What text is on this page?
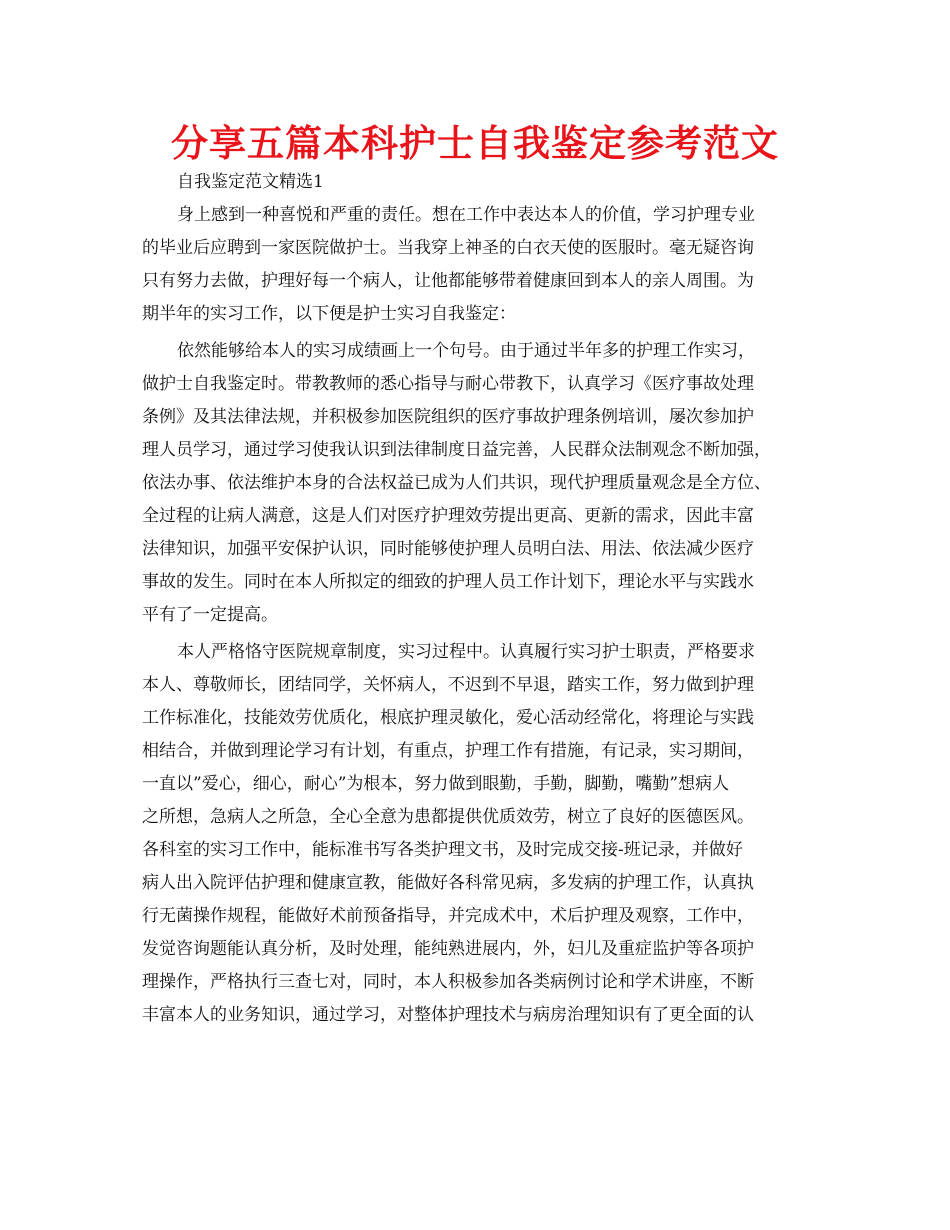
分享五篇本科护士自我鉴定参考范文
自我鉴定范文精选1

身上感到一种喜悦和严重的责任。想在工作中表达本人的价值，学习护理专业
的毕业后应聘到一家医院做护士。当我穿上神圣的白衣天使的医服时。毫无疑咨询
只有努力去做，护理好每一个病人，让他都能够带着健康回到本人的亲人周围。为
期半年的实习工作，以下便是护士实习自我鉴定：

依然能够给本人的实习成绩画上一个句号。由于通过半年多的护理工作实习，
做护士自我鉴定时。带教教师的悉心指导与耐心带教下，认真学习《医疗事故处理
条例》及其法律法规，并积极参加医院组织的医疗事故护理条例培训，屡次参加护
理人员学习，通过学习使我认识到法律制度日益完善，人民群众法制观念不断加强，
依法办事、依法维护本身的合法权益已成为人们共识，现代护理质量观念是全方位、
全过程的让病人满意，这是人们对医疗护理效劳提出更高、更新的需求，因此丰富
法律知识，加强平安保护认识，同时能够使护理人员明白法、用法、依法减少医疗
事故的发生。同时在本人所拟定的细致的护理人员工作计划下，理论水平与实践水
平有了一定提高。

本人严格恪守医院规章制度，实习过程中。认真履行实习护士职责，严格要求
本人、尊敬师长，团结同学，关怀病人，不迟到不早退，踏实工作，努力做到护理
工作标准化，技能效劳优质化，根底护理灵敏化，爱心活动经常化，将理论与实践
相结合，并做到理论学习有计划，有重点，护理工作有措施，有记录，实习期间，
一直以”爱心，细心，耐心”为根本，努力做到眼勤，手勤，脚勤，嘴勤”想病人
之所想，急病人之所急，全心全意为患都提供优质效劳，树立了良好的医德医风。
各科室的实习工作中，能标准书写各类护理文书，及时完成交接-班记录，并做好
病人出入院评估护理和健康宣教，能做好各科常见病，多发病的护理工作，认真执
行无菌操作规程，能做好术前预备指导，并完成术中，术后护理及观察，工作中，
发觉咨询题能认真分析，及时处理，能纯熟进展内，外，妇儿及重症监护等各项护
理操作，严格执行三查七对，同时，本人积极参加各类病例讨论和学术讲座，不断
丰富本人的业务知识，通过学习，对整体护理技术与病房治理知识有了更全面的认
